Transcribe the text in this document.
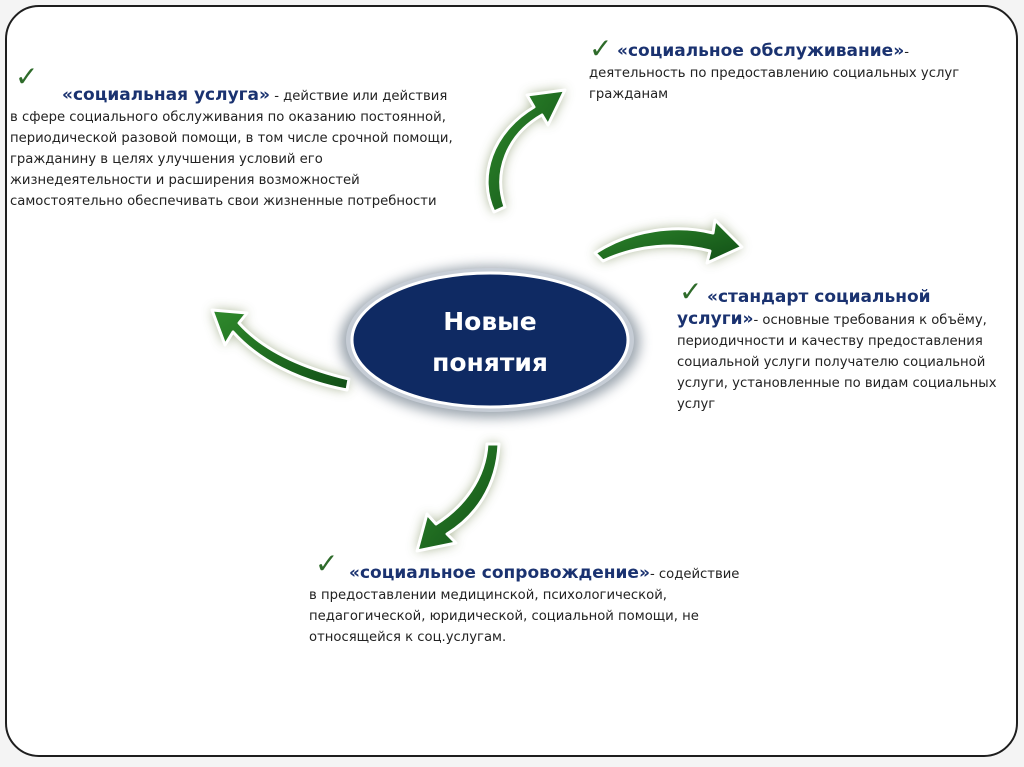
Новые
понятия
✓
«социальная услуга» - действие или действия
в сфере социального обслуживания по оказанию постоянной, периодической разовой помощи, в том числе срочной помощи, гражданину в целях улучшения условий его жизнедеятельности и расширения возможностей самостоятельно обеспечивать свои жизненные потребности
✓ «социальное обслуживание»-
деятельность по предоставлению социальных услуг гражданам
✓ «стандарт социальной
услуги»- основные требования к объёму,
периодичности и качеству предоставления социальной услуги получателю социальной услуги, установленные по видам социальных услуг
✓ «социальное сопровождение»- содействие
в предоставлении медицинской, психологической, педагогической, юридической, социальной помощи, не относящейся к соц.услугам.
